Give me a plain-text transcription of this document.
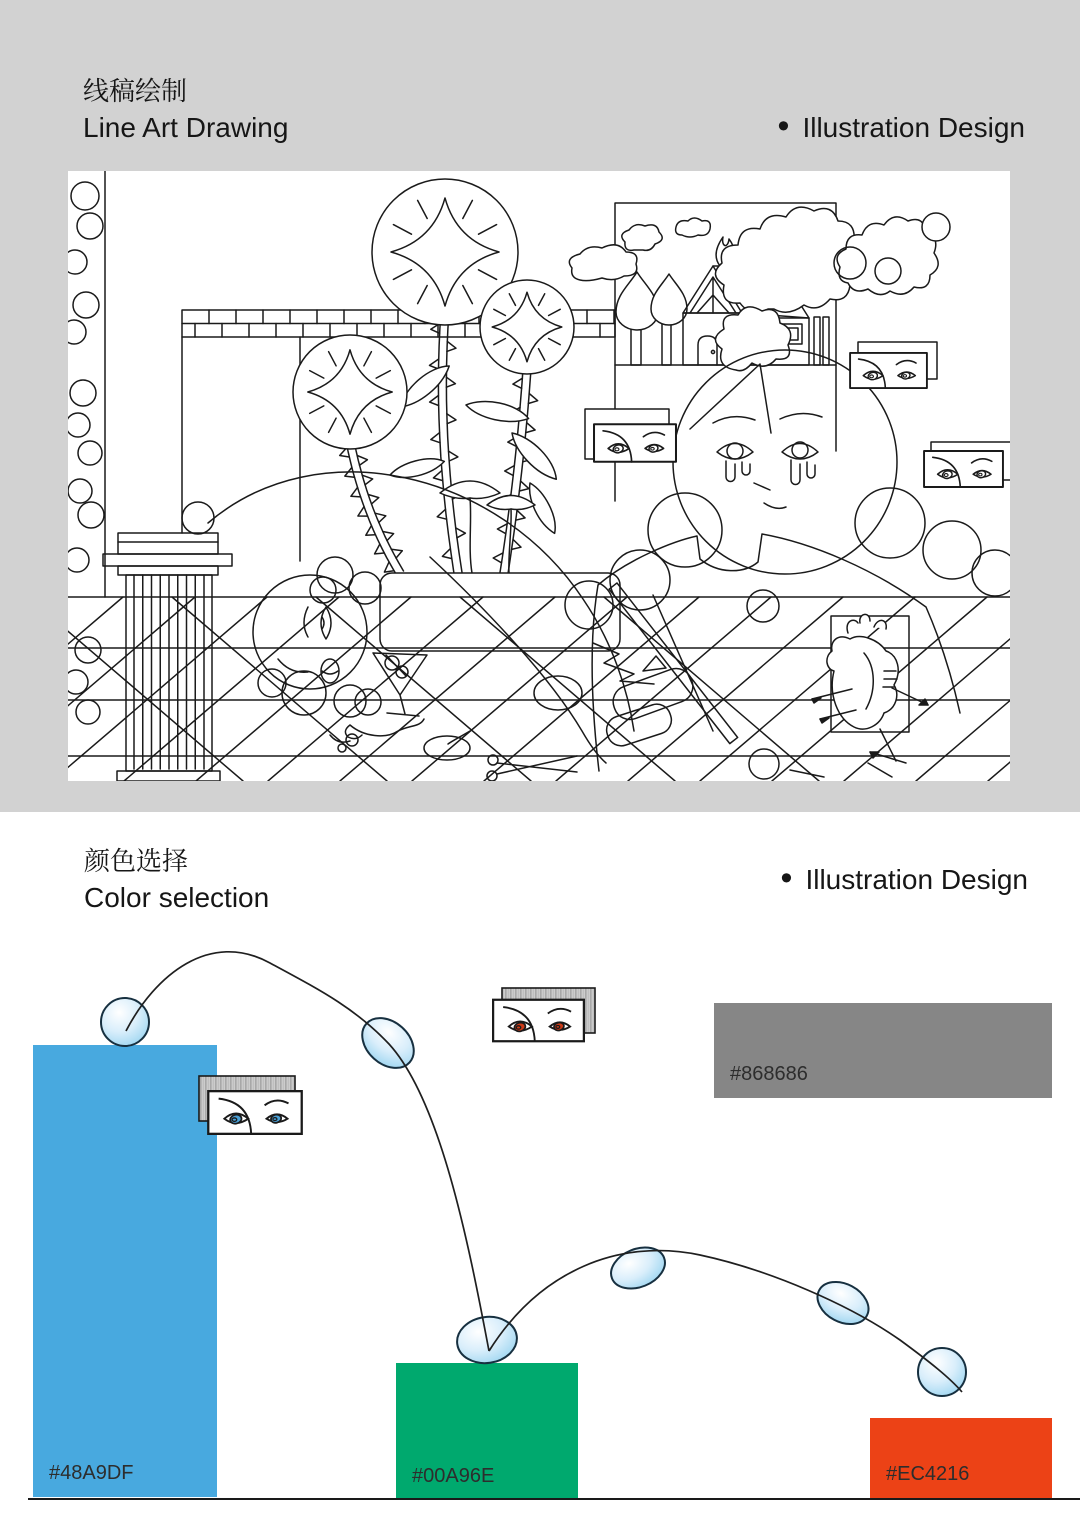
线稿绘制
Line Art Drawing	• Illustration Design
颜色选择
Color selection
• Illustration Design
#48A9DF	#00A96E	#EC4216
#868686
